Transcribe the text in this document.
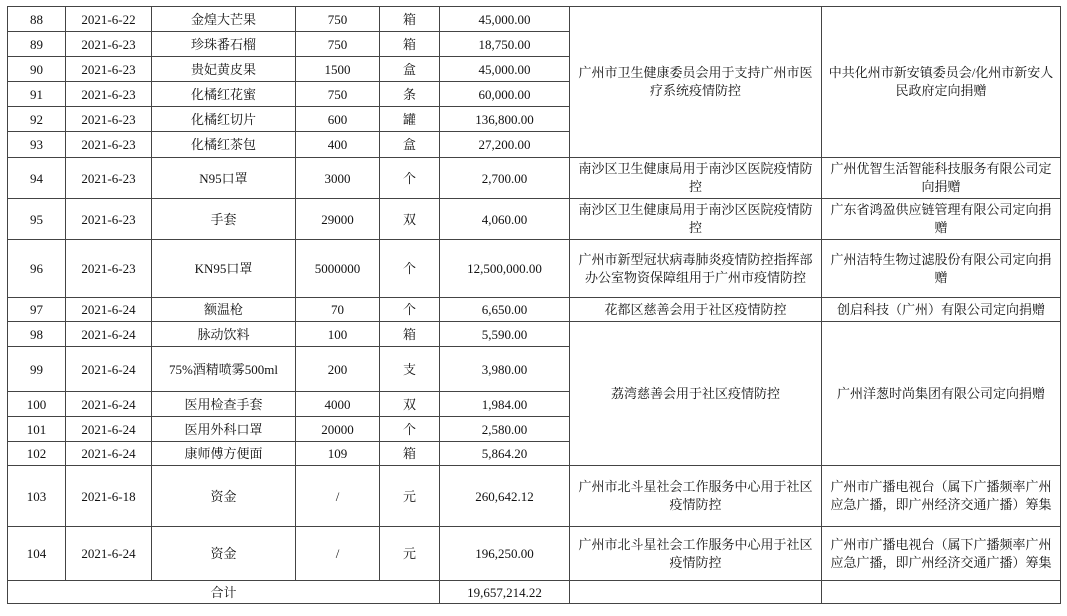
88	2021-6-22	金煌大芒果	750	箱	45,000.00	广州市卫生健康委员会用于支持广州市医疗系统疫情防控	中共化州市新安镇委员会/化州市新安人民政府定向捐赠
89	2021-6-23	珍珠番石榴	750	箱	18,750.00		
90	2021-6-23	贵妃黄皮果	1500	盒	45,000.00		
91	2021-6-23	化橘红花蜜	750	条	60,000.00		
92	2021-6-23	化橘红切片	600	罐	136,800.00		
93	2021-6-23	化橘红茶包	400	盒	27,200.00		
94	2021-6-23	N95口罩	3000	个	2,700.00	南沙区卫生健康局用于南沙区医院疫情防控	广州优智生活智能科技服务有限公司定向捐赠
95	2021-6-23	手套	29000	双	4,060.00	南沙区卫生健康局用于南沙区医院疫情防控	广东省鸿盈供应链管理有限公司定向捐赠
96	2021-6-23	KN95口罩	5000000	个	12,500,000.00	广州市新型冠状病毒肺炎疫情防控指挥部办公室物资保障组用于广州市疫情防控	广州洁特生物过滤股份有限公司定向捐赠
97	2021-6-24	额温枪	70	个	6,650.00	花都区慈善会用于社区疫情防控	创启科技（广州）有限公司定向捐赠
98	2021-6-24	脉动饮料	100	箱	5,590.00	荔湾慈善会用于社区疫情防控	广州洋葱时尚集团有限公司定向捐赠
99	2021-6-24	75%酒精喷雾500ml	200	支	3,980.00		
100	2021-6-24	医用检查手套	4000	双	1,984.00		
101	2021-6-24	医用外科口罩	20000	个	2,580.00		
102	2021-6-24	康师傅方便面	109	箱	5,864.20		
103	2021-6-18	资金	/	元	260,642.12	广州市北斗星社会工作服务中心用于社区疫情防控	广州市广播电视台（属下广播频率广州应急广播，即广州经济交通广播）筹集
104	2021-6-24	资金	/	元	196,250.00	广州市北斗星社会工作服务中心用于社区疫情防控	广州市广播电视台（属下广播频率广州应急广播，即广州经济交通广播）筹集
合计					19,657,214.22		
